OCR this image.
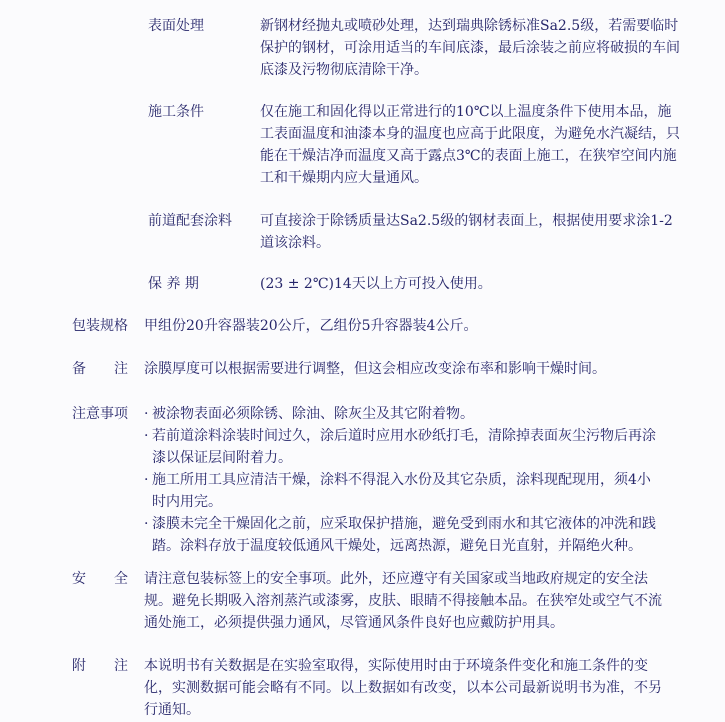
表面处理	新钢材经抛丸或喷砂处理，达到瑞典除锈标准Sa2.5级，若需要临时保护的钢材，可涂用适当的车间底漆，最后涂装之前应将破损的车间底漆及污物彻底清除干净。
施工条件	仅在施工和固化得以正常进行的10℃以上温度条件下使用本品，施工表面温度和油漆本身的温度也应高于此限度，为避免水汽凝结，只能在干燥洁净而温度又高于露点3℃的表面上施工，在狭窄空间内施工和干燥期内应大量通风。
前道配套涂料	可直接涂于除锈质量达Sa2.5级的钢材表面上，根据使用要求涂1-2道该涂料。
保 养 期	(23 ± 2℃)14天以上方可投入使用。
包装规格	甲组份20升容器装20公斤，乙组份5升容器装4公斤。
备　　注	涂膜厚度可以根据需要进行调整，但这会相应改变涂布率和影响干燥时间。
注意事项
·	被涂物表面必须除锈、除油、除灰尘及其它附着物。
· 若前道涂料涂装时间过久，涂后道时应用水砂纸打毛，清除掉表面灰尘污物后再涂漆以保证层间附着力。
· 施工所用工具应清洁干燥，涂料不得混入水份及其它杂质，涂料现配现用，须4小时内用完。
· 漆膜未完全干燥固化之前，应采取保护措施，避免受到雨水和其它液体的冲洗和践踏。涂料存放于温度较低通风干燥处，远离热源，避免日光直射，并隔绝火种。
安　　全	请注意包装标签上的安全事项。此外，还应遵守有关国家或当地政府规定的安全法规。避免长期吸入溶剂蒸汽或漆雾，皮肤、眼睛不得接触本品。在狭窄处或空气不流通处施工，必须提供强力通风，尽管通风条件良好也应戴防护用具。
附　　注	本说明书有关数据是在实验室取得，实际使用时由于环境条件变化和施工条件的变化，实测数据可能会略有不同。以上数据如有改变，以本公司最新说明书为准，不另行通知。
